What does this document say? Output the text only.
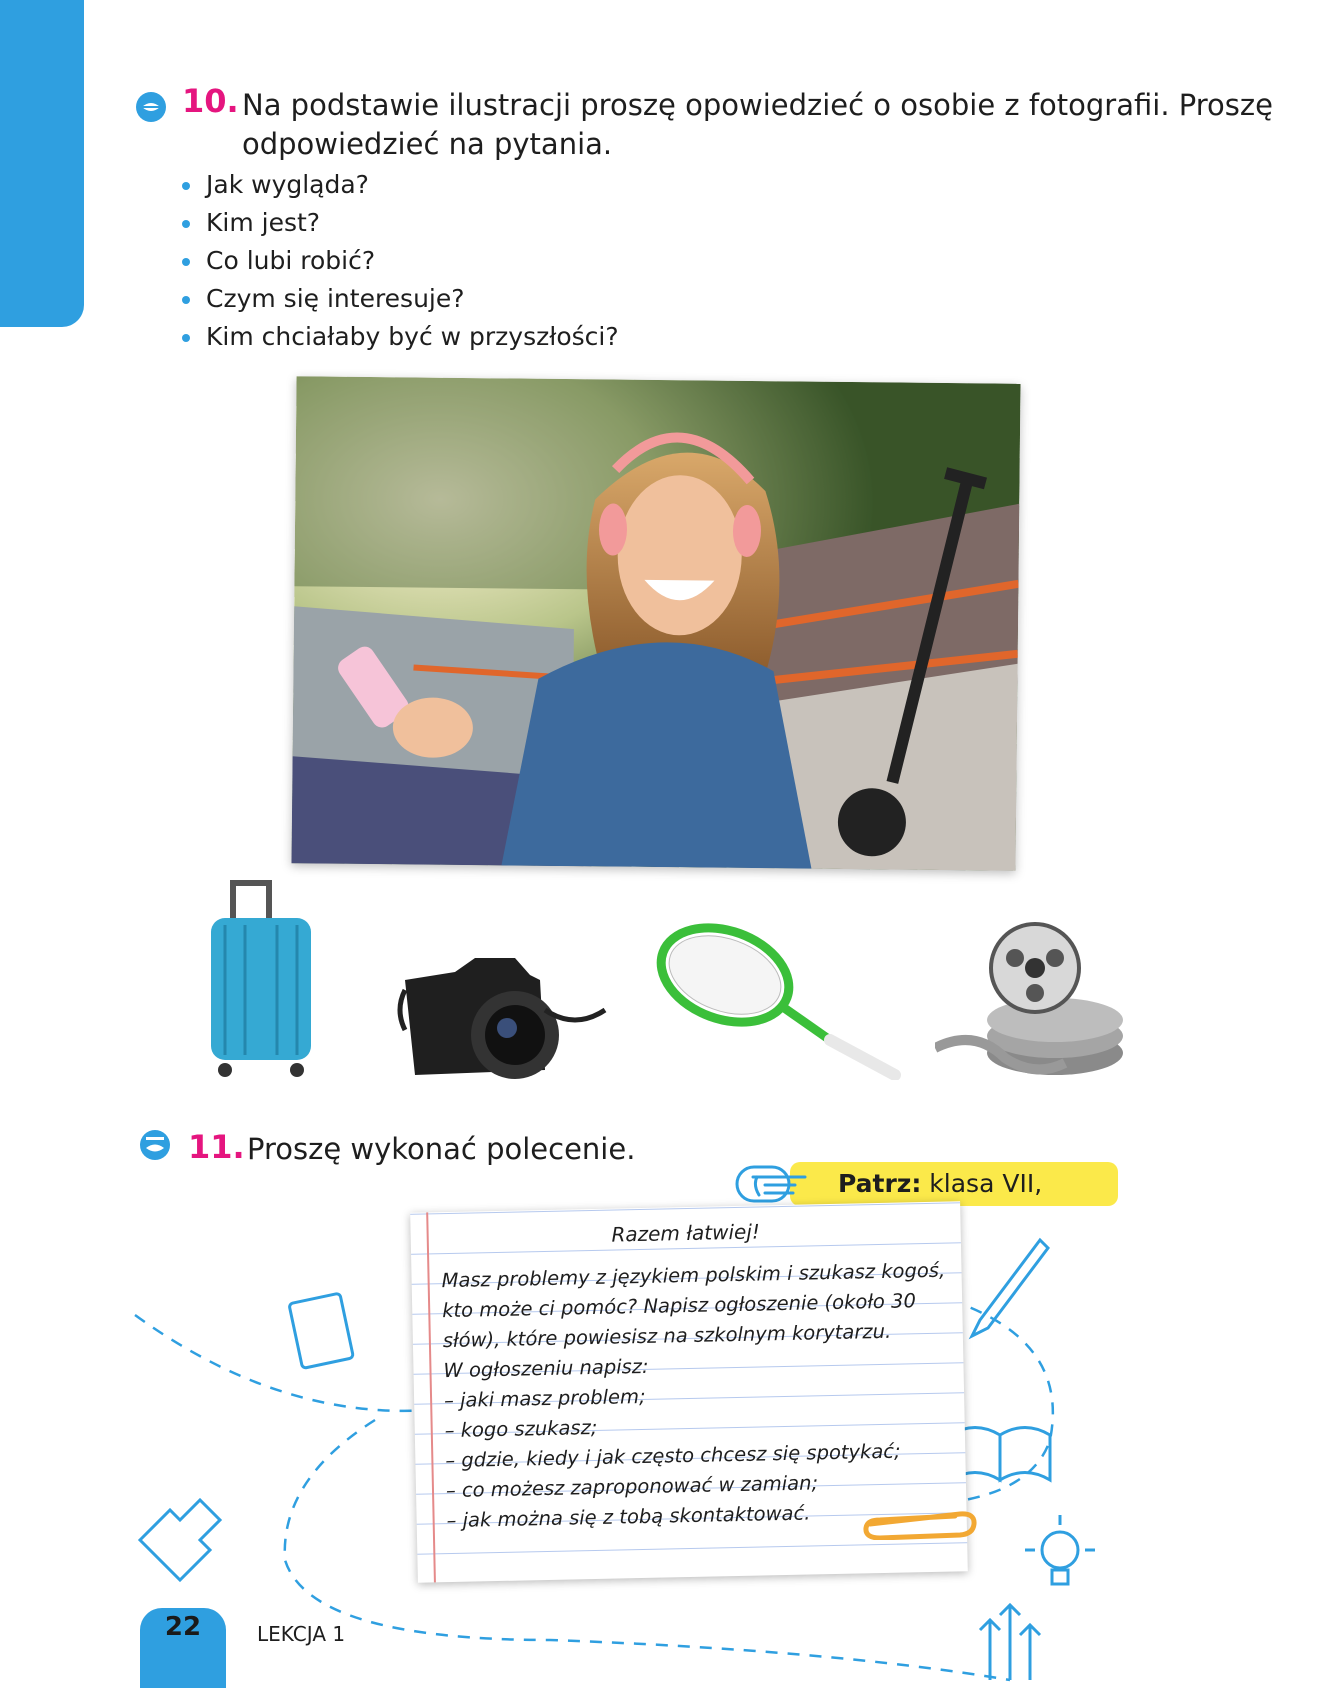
10. Na podstawie ilustracji proszę opowiedzieć o osobie z fotografii. Proszę
odpowiedzieć na pytania.
Jak wygląda?
Kim jest?
Co lubi robić?
Czym się interesuje?
Kim chciałaby być w przyszłości?
11. Proszę wykonać polecenie.
Patrz: klasa VII,
Razem łatwiej!
Masz problemy z językiem polskim i szukasz kogoś,
kto może ci pomóc? Napisz ogłoszenie (około 30
słów), które powiesisz na szkolnym korytarzu.
W ogłoszeniu napisz:
– jaki masz problem;
– kogo szukasz;
– gdzie, kiedy i jak często chcesz się spotykać;
– co możesz zaproponować w zamian;
– jak można się z tobą skontaktować.
22	LEKCJA 1
